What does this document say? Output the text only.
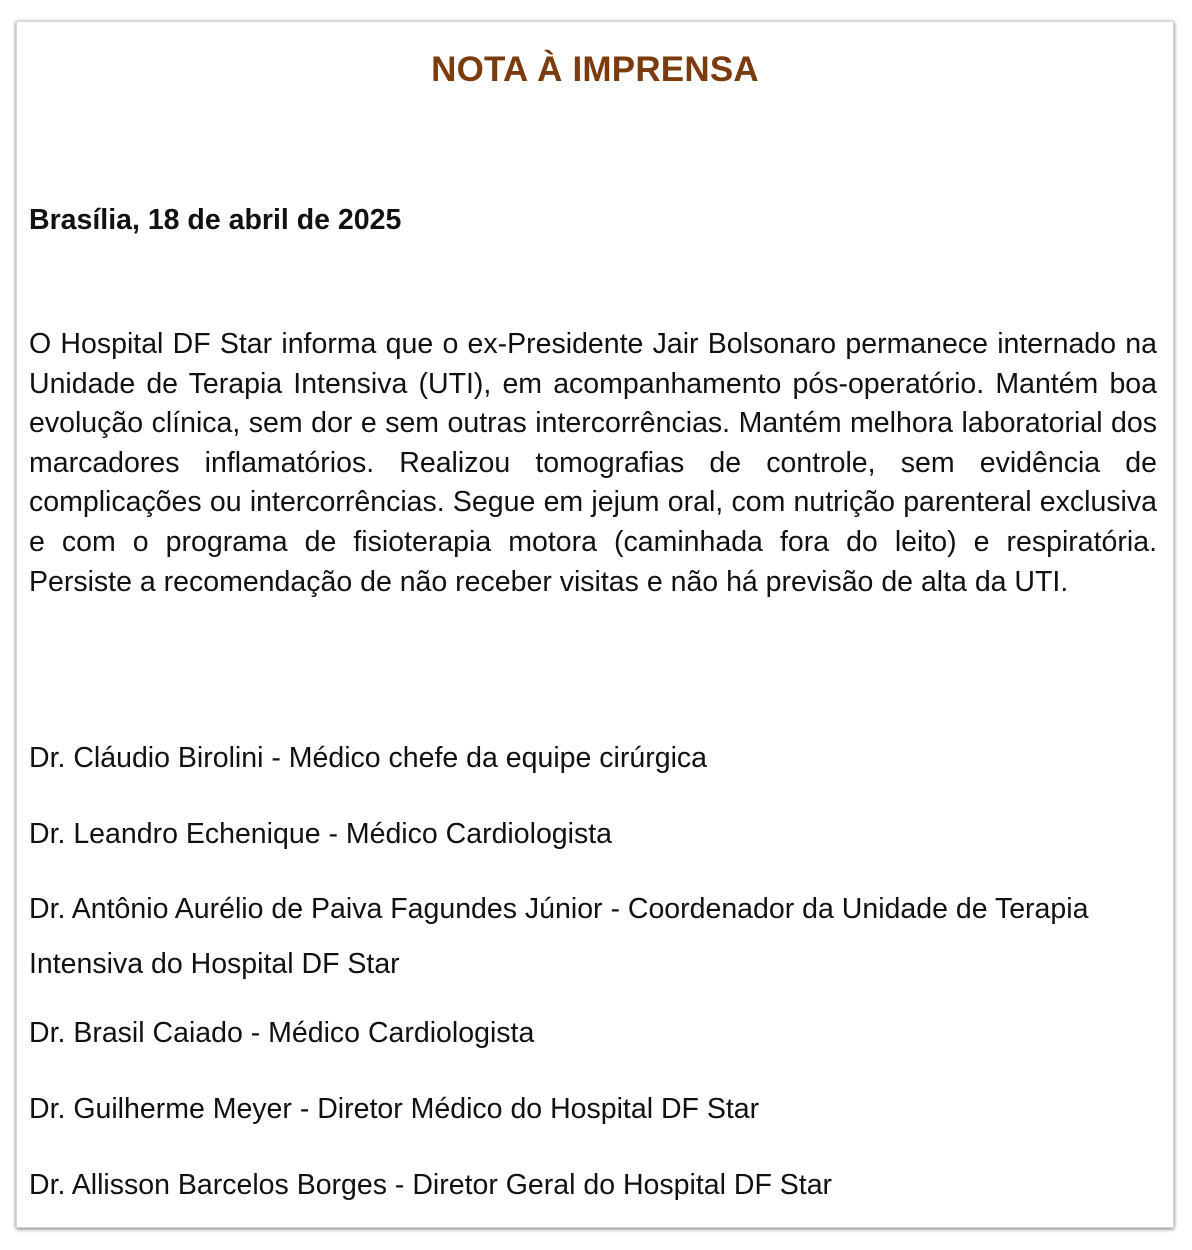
NOTA À IMPRENSA
Brasília, 18 de abril de 2025
O Hospital DF Star informa que o ex-Presidente Jair Bolsonaro permanece internado na Unidade de Terapia Intensiva (UTI), em acompanhamento pós-operatório. Mantém boa evolução clínica, sem dor e sem outras intercorrências. Mantém melhora laboratorial dos marcadores inflamatórios. Realizou tomografias de controle, sem evidência de complicações ou intercorrências. Segue em jejum oral, com nutrição parenteral exclusiva e com o programa de fisioterapia motora (caminhada fora do leito) e respiratória. Persiste a recomendação de não receber visitas e não há previsão de alta da UTI.
Dr. Cláudio Birolini - Médico chefe da equipe cirúrgica
Dr. Leandro Echenique - Médico Cardiologista
Dr. Antônio Aurélio de Paiva Fagundes Júnior - Coordenador da Unidade de Terapia Intensiva do Hospital DF Star
Dr. Brasil Caiado - Médico Cardiologista
Dr. Guilherme Meyer - Diretor Médico do Hospital DF Star
Dr. Allisson Barcelos Borges - Diretor Geral do Hospital DF Star
